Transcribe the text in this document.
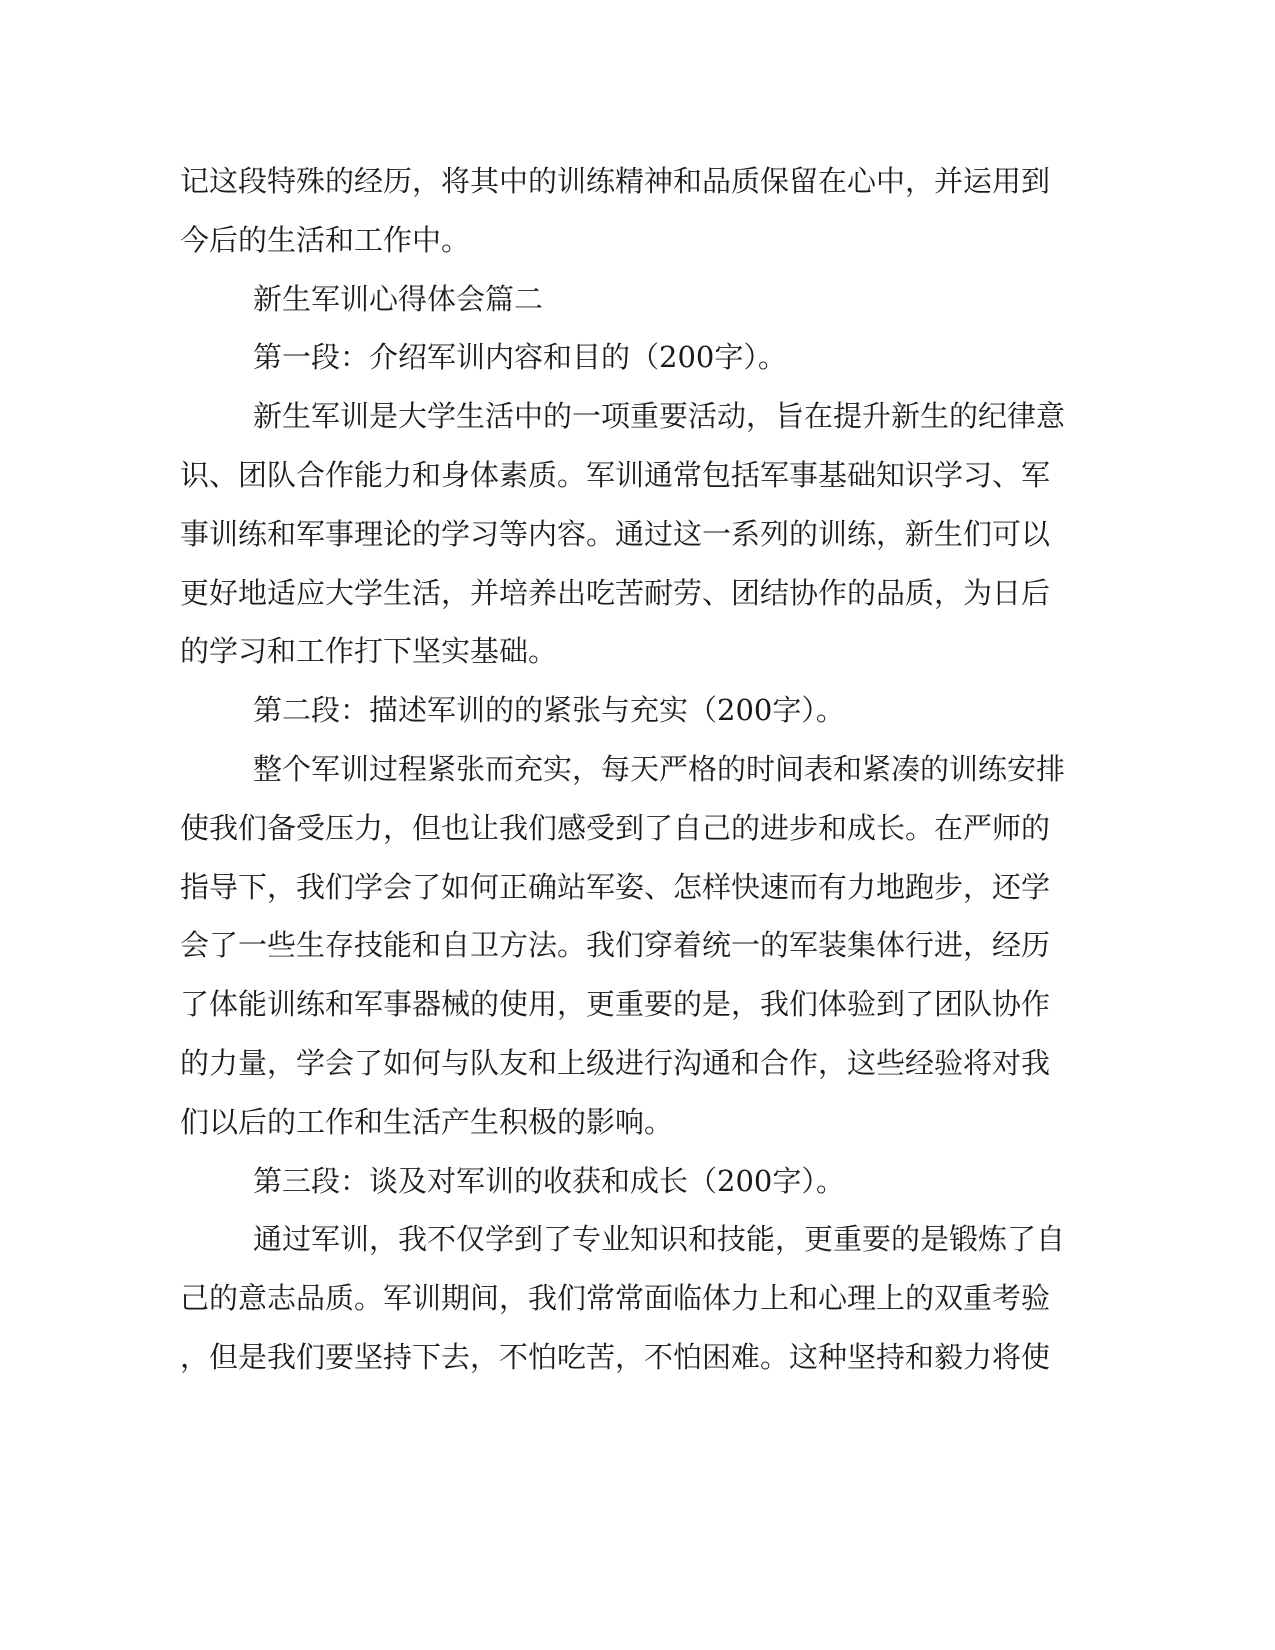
记这段特殊的经历，将其中的训练精神和品质保留在心中，并运用到
今后的生活和工作中。
新生军训心得体会篇二
第一段：介绍军训内容和目的（200字）。
新生军训是大学生活中的一项重要活动，旨在提升新生的纪律意
识、团队合作能力和身体素质。军训通常包括军事基础知识学习、军
事训练和军事理论的学习等内容。通过这一系列的训练，新生们可以
更好地适应大学生活，并培养出吃苦耐劳、团结协作的品质，为日后
的学习和工作打下坚实基础。
第二段：描述军训的的紧张与充实（200字）。
整个军训过程紧张而充实，每天严格的时间表和紧凑的训练安排
使我们备受压力，但也让我们感受到了自己的进步和成长。在严师的
指导下，我们学会了如何正确站军姿、怎样快速而有力地跑步，还学
会了一些生存技能和自卫方法。我们穿着统一的军装集体行进，经历
了体能训练和军事器械的使用，更重要的是，我们体验到了团队协作
的力量，学会了如何与队友和上级进行沟通和合作，这些经验将对我
们以后的工作和生活产生积极的影响。
第三段：谈及对军训的收获和成长（200字）。
通过军训，我不仅学到了专业知识和技能，更重要的是锻炼了自
己的意志品质。军训期间，我们常常面临体力上和心理上的双重考验
，但是我们要坚持下去，不怕吃苦，不怕困难。这种坚持和毅力将使
